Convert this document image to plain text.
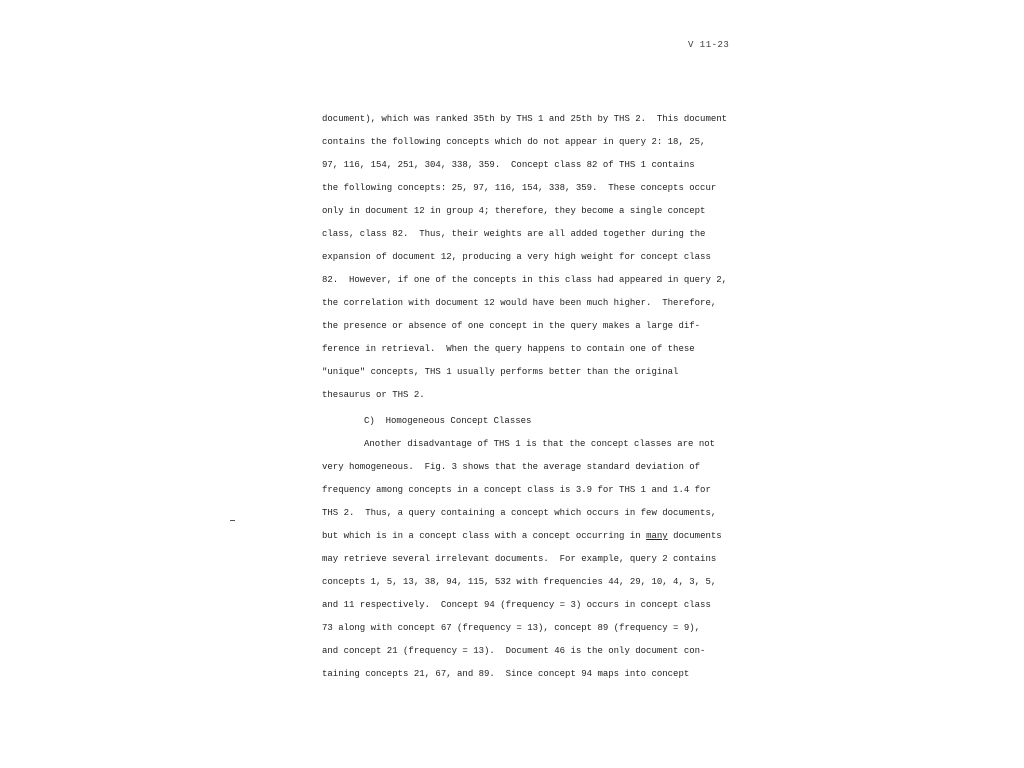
V 11-23
document), which was ranked 35th by THS 1 and 25th by THS 2.  This document
contains the following concepts which do not appear in query 2: 18, 25,
97, 116, 154, 251, 304, 338, 359.  Concept class 82 of THS 1 contains
the following concepts: 25, 97, 116, 154, 338, 359.  These concepts occur
only in document 12 in group 4; therefore, they become a single concept
class, class 82.  Thus, their weights are all added together during the
expansion of document 12, producing a very high weight for concept class
82.  However, if one of the concepts in this class had appeared in query 2,
the correlation with document 12 would have been much higher.  Therefore,
the presence or absence of one concept in the query makes a large dif-
ference in retrieval.  When the query happens to contain one of these
"unique" concepts, THS 1 usually performs better than the original
thesaurus or THS 2.
C)  Homogeneous Concept Classes
Another disadvantage of THS 1 is that the concept classes are not
very homogeneous.  Fig. 3 shows that the average standard deviation of
frequency among concepts in a concept class is 3.9 for THS 1 and 1.4 for
THS 2.  Thus, a query containing a concept which occurs in few documents,
but which is in a concept class with a concept occurring in many documents
may retrieve several irrelevant documents.  For example, query 2 contains
concepts 1, 5, 13, 38, 94, 115, 532 with frequencies 44, 29, 10, 4, 3, 5,
and 11 respectively.  Concept 94 (frequency = 3) occurs in concept class
73 along with concept 67 (frequency = 13), concept 89 (frequency = 9),
and concept 21 (frequency = 13).  Document 46 is the only document con-
taining concepts 21, 67, and 89.  Since concept 94 maps into concept
